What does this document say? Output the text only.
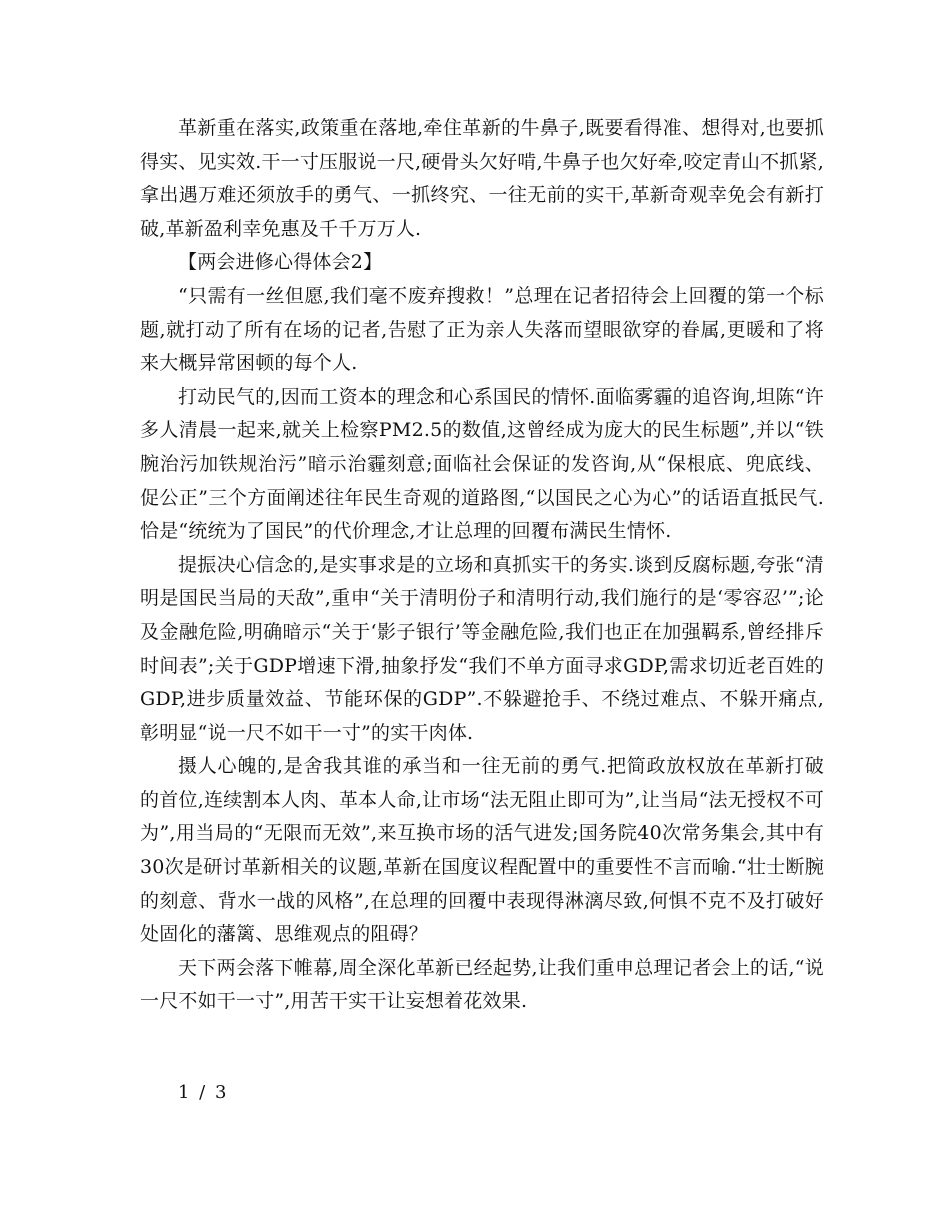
革新重在落实,政策重在落地,牵住革新的牛鼻子,既要看得准、想得对,也要抓得实、见实效.干一寸压服说一尺,硬骨头欠好啃,牛鼻子也欠好牵,咬定青山不抓紧,拿出遇万难还须放手的勇气、一抓终究、一往无前的实干,革新奇观幸免会有新打破,革新盈利幸免惠及千千万万人.

【两会进修心得体会2】

“只需有一丝但愿,我们毫不废弃搜救！”总理在记者招待会上回覆的第一个标题,就打动了所有在场的记者,告慰了正为亲人失落而望眼欲穿的眷属,更暖和了将来大概异常困顿的每个人.

打动民气的,因而工资本的理念和心系国民的情怀.面临雾霾的追咨询,坦陈“许多人清晨一起来,就关上检察PM2.5的数值,这曾经成为庞大的民生标题”,并以“铁腕治污加铁规治污”暗示治霾刻意;面临社会保证的发咨询,从“保根底、兜底线、促公正”三个方面阐述往年民生奇观的道路图,“以国民之心为心”的话语直抵民气.恰是“统统为了国民”的代价理念,才让总理的回覆布满民生情怀.

提振决心信念的,是实事求是的立场和真抓实干的务实.谈到反腐标题,夸张“清明是国民当局的天敌”,重申“关于清明份子和清明行动,我们施行的是‘零容忍’”;论及金融危险,明确暗示“关于‘影子银行’等金融危险,我们也正在加强羁系,曾经排斥时间表”;关于GDP增速下滑,抽象抒发“我们不单方面寻求GDP,需求切近老百姓的GDP,进步质量效益、节能环保的GDP”.不躲避抢手、不绕过难点、不躲开痛点,彰明显“说一尺不如干一寸”的实干肉体.

摄人心魄的,是舍我其谁的承当和一往无前的勇气.把简政放权放在革新打破的首位,连续割本人肉、革本人命,让市场“法无阻止即可为”,让当局“法无授权不可为”,用当局的“无限而无效”,来互换市场的活气进发;国务院40次常务集会,其中有30次是研讨革新相关的议题,革新在国度议程配置中的重要性不言而喻.“壮士断腕的刻意、背水一战的风格”,在总理的回覆中表现得淋漓尽致,何惧不克不及打破好处固化的藩篱、思维观点的阻碍？

天下两会落下帷幕,周全深化革新已经起势,让我们重申总理记者会上的话,“说一尺不如干一寸”,用苦干实干让妄想着花效果.

1 / 3
